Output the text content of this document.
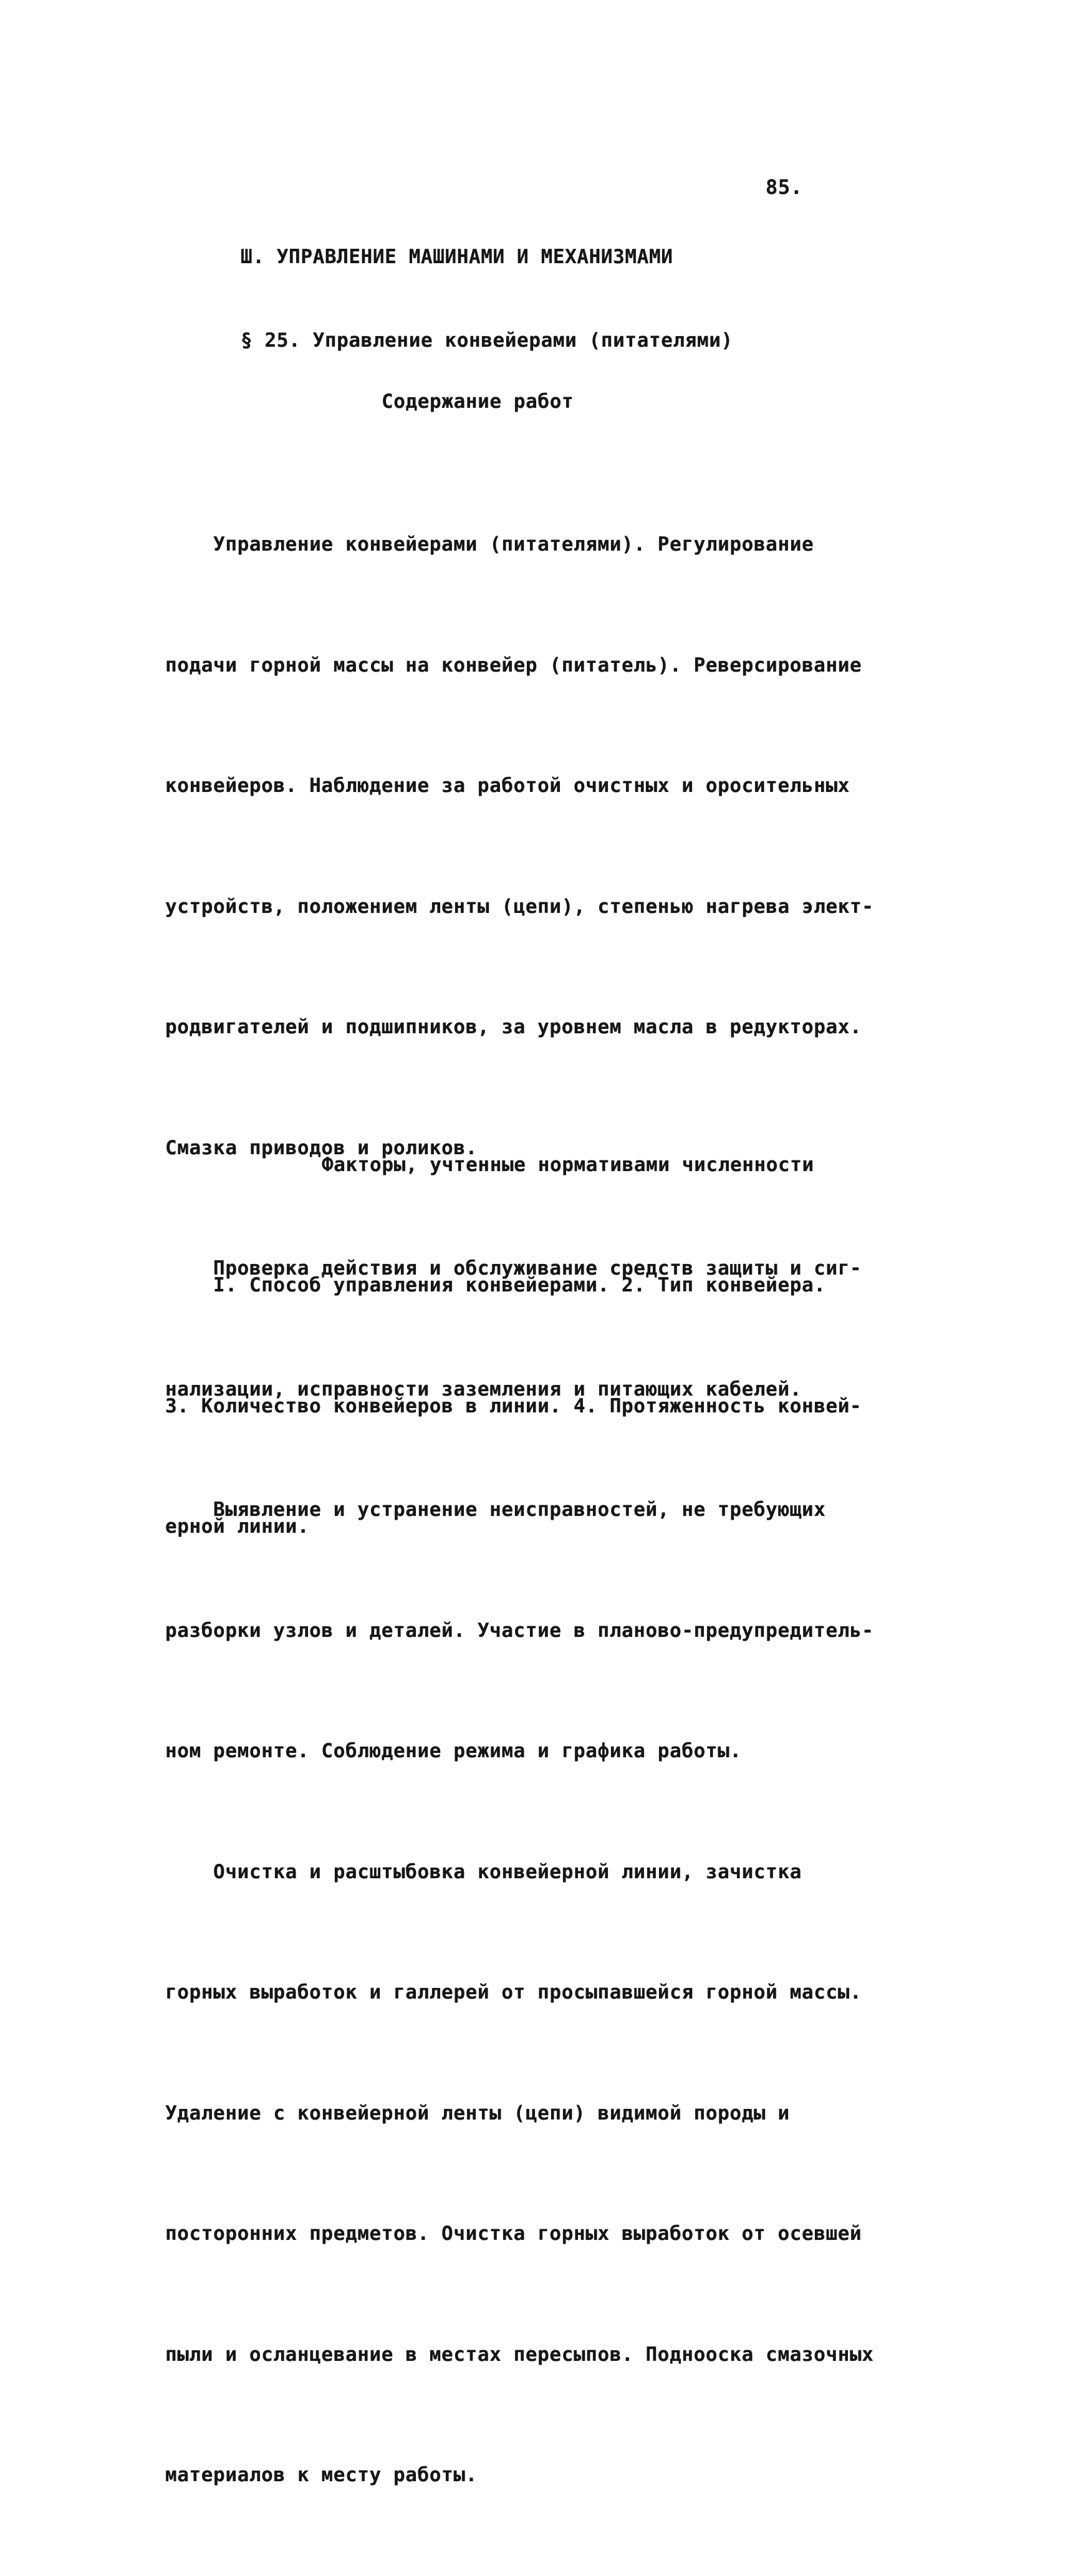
85.
Ш. УПРАВЛЕНИЕ МАШИНАМИ И МЕХАНИЗМАМИ
§ 25. Управление конвейерами (питателями)
Содержание работ

Управление конвейерами (питателями). Регулирование

подачи горной массы на конвейер (питатель). Реверсирование

конвейеров. Наблюдение за работой очистных и оросительных

устройств, положением ленты (цепи), степенью нагрева элект-

родвигателей и подшипников, за уровнем масла в редукторах.

Смазка приводов и роликов.

Проверка действия и обслуживание средств защиты и сиг-

нализации, исправности заземления и питающих кабелей.

Выявление и устранение неисправностей, не требующих

разборки узлов и деталей. Участие в планово-предупредитель-

ном ремонте. Соблюдение режима и графика работы.

Очистка и расштыбовка конвейерной линии, зачистка

горных выработок и галлерей от просыпавшейся горной массы.

Удаление с конвейерной ленты (цепи) видимой породы и

посторонних предметов. Очистка горных выработок от осевшей

пыли и осланцевание в местах пересыпов. Поднооска смазочных

материалов к месту работы.

Факторы, учтенные нормативами численности

I. Способ управления конвейерами. 2. Тип конвейера.

3. Количество конвейеров в линии. 4. Протяженность конвей-

ерной линии.
